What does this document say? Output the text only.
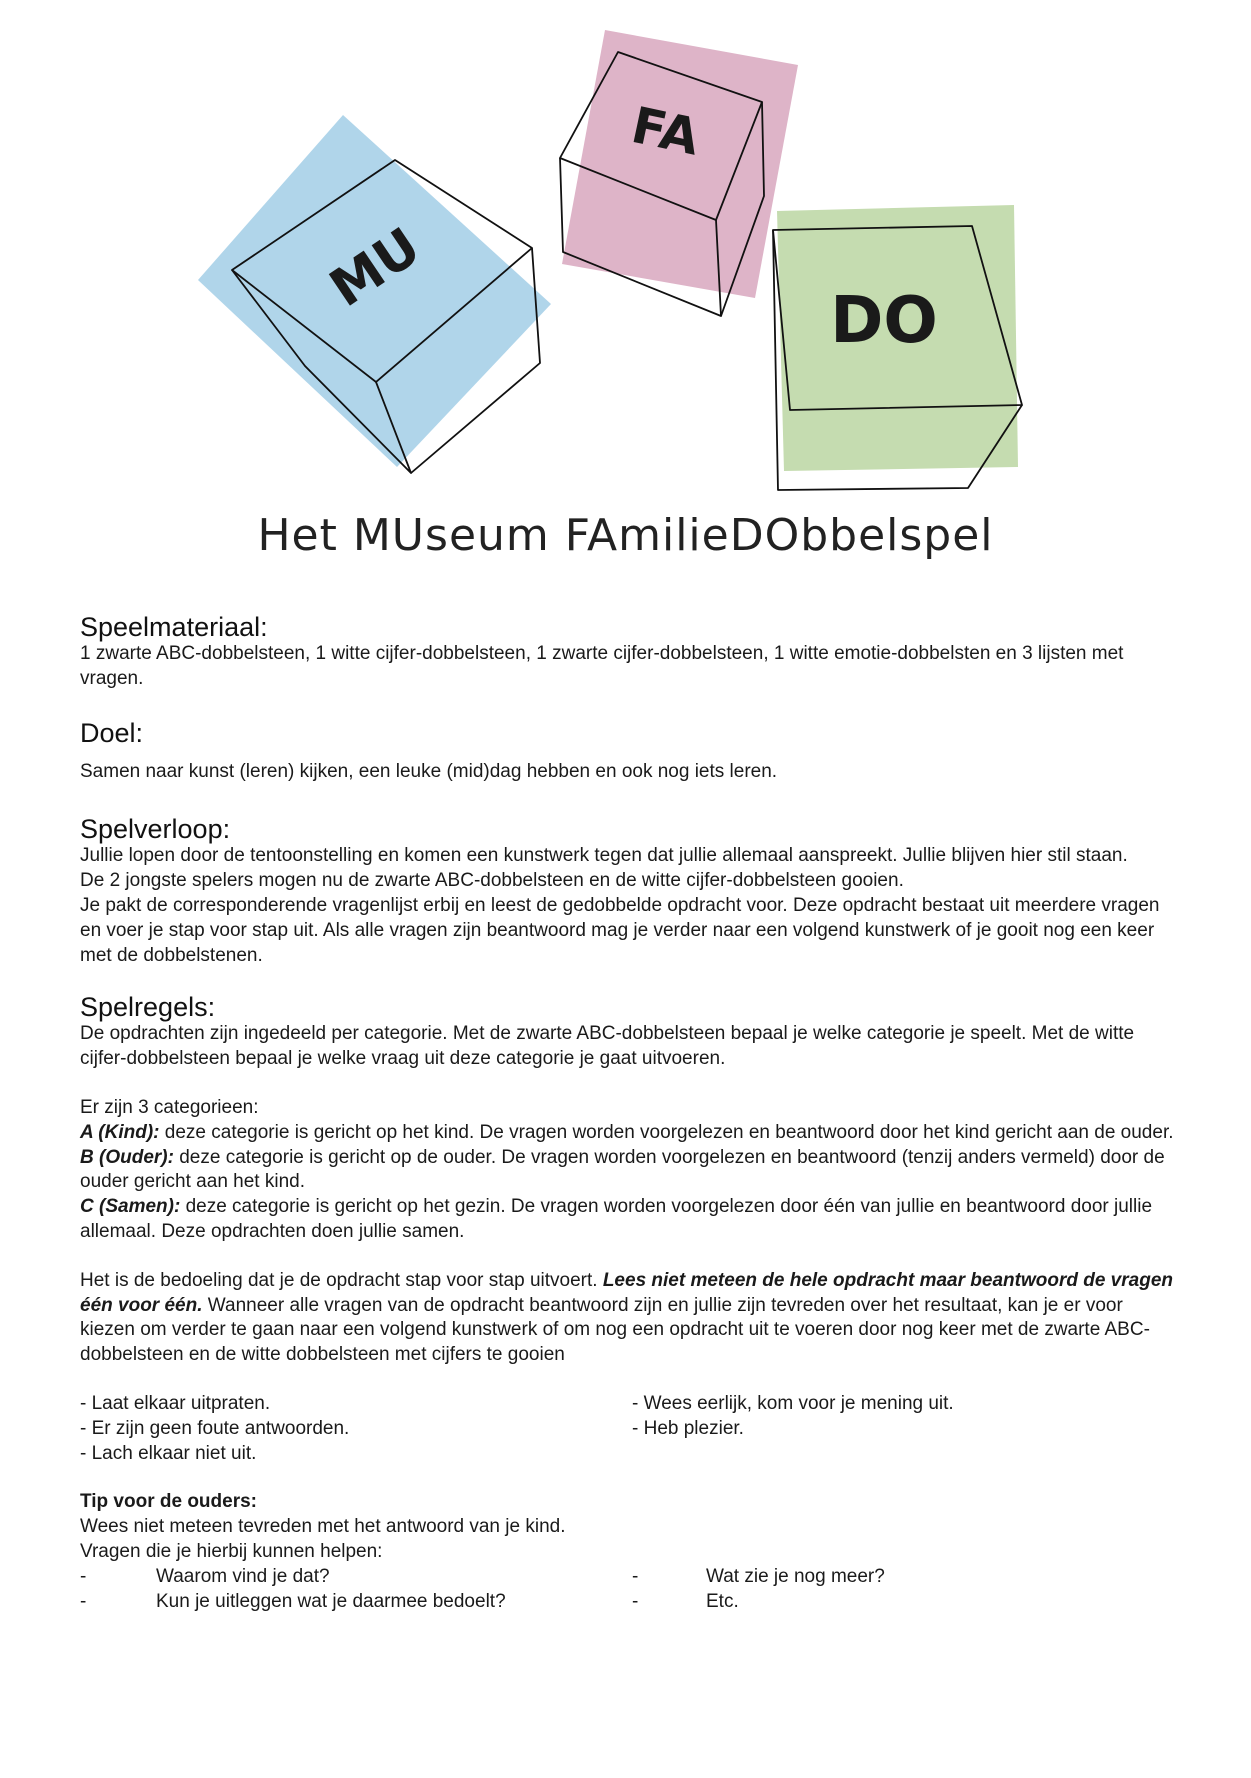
MU
FA
DO
Het MUseum FAmilieDObbelspel
Speelmateriaal:

1 zwarte ABC-dobbelsteen, 1 witte cijfer-dobbelsteen, 1 zwarte cijfer-dobbelsteen, 1 witte emotie-dobbelsten en 3 lijsten met vragen.

Doel:

Samen naar kunst (leren) kijken, een leuke (mid)dag hebben en ook nog iets leren.

Spelverloop:

Jullie lopen door de tentoonstelling en komen een kunstwerk tegen dat jullie allemaal aanspreekt. Jullie blijven hier stil staan.

De 2 jongste spelers mogen nu de zwarte ABC-dobbelsteen en de witte cijfer-dobbelsteen gooien.

Je pakt de corresponderende vragenlijst erbij en leest de gedobbelde opdracht voor. Deze opdracht bestaat uit meerdere vragen en voer je stap voor stap uit. Als alle vragen zijn beantwoord mag je verder naar een volgend kunstwerk of je gooit nog een keer met de dobbelstenen.

Spelregels:

De opdrachten zijn ingedeeld per categorie. Met de zwarte ABC-dobbelsteen bepaal je welke categorie je speelt. Met de witte cijfer-dobbelsteen bepaal je welke vraag uit deze categorie je gaat uitvoeren.

Er zijn 3 categorieen:

A (Kind): deze categorie is gericht op het kind. De vragen worden voorgelezen en beantwoord door het kind gericht aan de ouder.

B (Ouder): deze categorie is gericht op de ouder. De vragen worden voorgelezen en beantwoord (tenzij anders vermeld) door de ouder gericht aan het kind.

C (Samen): deze categorie is gericht op het gezin. De vragen worden voorgelezen door één van jullie en beantwoord door jullie allemaal. Deze opdrachten doen jullie samen.

Het is de bedoeling dat je de opdracht stap voor stap uitvoert. Lees niet meteen de hele opdracht maar beantwoord de vragen één voor één. Wanneer alle vragen van de opdracht beantwoord zijn en jullie zijn tevreden over het resultaat, kan je er voor kiezen om verder te gaan naar een volgend kunstwerk of om nog een opdracht uit te voeren door nog keer met de zwarte ABC-dobbelsteen en de witte dobbelsteen met cijfers te gooien

- Laat elkaar uitpraten.
- Er zijn geen foute antwoorden.
- Lach elkaar niet uit.
- Wees eerlijk, kom voor je mening uit.
- Heb plezier.
Tip voor de ouders:

Wees niet meteen tevreden met het antwoord van je kind.

Vragen die je hierbij kunnen helpen:

-	Waarom vind je dat?	-	Wat zie je nog meer?
-	Kun je uitleggen wat je daarmee bedoelt?	-	Etc.
